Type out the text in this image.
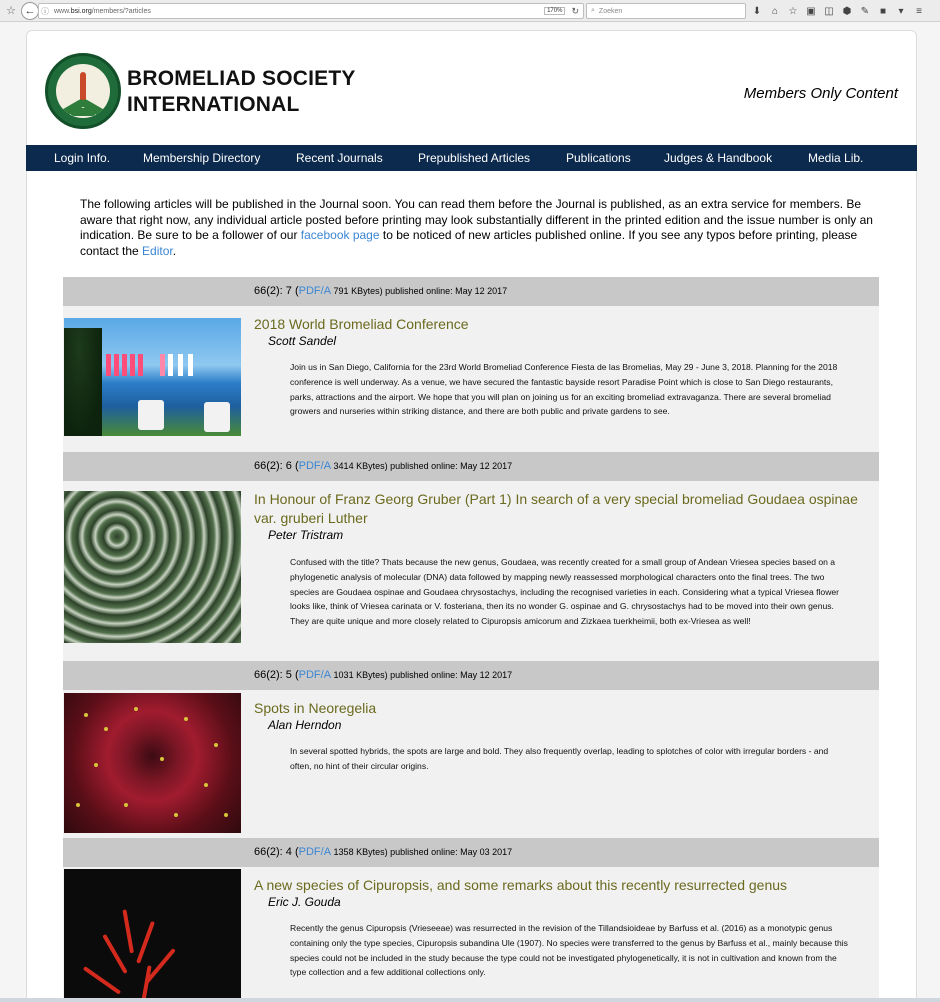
☆ ← ⓘ www.bsi.org/members/?articles	170%	↻ ⌕ Zoeken	⬇	⌂	☆ ▣ ◫ ⬢ ✎	■	▾	≡
BROMELIAD SOCIETY
INTERNATIONAL	Members Only Content
Login Info.	Membership Directory	Recent Journals	Prepublished Articles	Publications	Judges & Handbook	Media Lib.
The following articles will be published in the Journal soon. You can read them before the Journal is published, as an extra service for members. Be aware that right now, any individual article posted before printing may look substantially different in the printed edition and the issue number is only an indication. Be sure to be a follower of our facebook page to be noticed of new articles published online. If you see any typos before printing, please contact the Editor.
66(2): 7 (PDF/A 791 KBytes) published online: May 12 2017
2018 World Bromeliad Conference
Scott Sandel
Join us in San Diego, California for the 23rd World Bromeliad Conference Fiesta de las Bromelias, May 29 - June 3, 2018. Planning for the 2018 conference is well underway. As a venue, we have secured the fantastic bayside resort Paradise Point which is close to San Diego restaurants, parks, attractions and the airport. We hope that you will plan on joining us for an exciting bromeliad extravaganza. There are several bromeliad growers and nurseries within striking distance, and there are both public and private gardens to see.
66(2): 6 (PDF/A 3414 KBytes) published online: May 12 2017
In Honour of Franz Georg Gruber (Part 1) In search of a very special bromeliad Goudaea ospinae var. gruberi Luther
Peter Tristram
Confused with the title? Thats because the new genus, Goudaea, was recently created for a small group of Andean Vriesea species based on a phylogenetic analysis of molecular (DNA) data followed by mapping newly reassessed morphological characters onto the final trees. The two species are Goudaea ospinae and Goudaea chrysostachys, including the recognised varieties in each. Considering what a typical Vriesea flower looks like, think of Vriesea carinata or V. fosteriana, then its no wonder G. ospinae and G. chrysostachys had to be moved into their own genus. They are quite unique and more closely related to Cipuropsis amicorum and Zizkaea tuerkheimii, both ex-Vriesea as well!
66(2): 5 (PDF/A 1031 KBytes) published online: May 12 2017
Spots in Neoregelia
Alan Herndon
In several spotted hybrids, the spots are large and bold. They also frequently overlap, leading to splotches of color with irregular borders - and often, no hint of their circular origins.
66(2): 4 (PDF/A 1358 KBytes) published online: May 03 2017
A new species of Cipuropsis, and some remarks about this recently resurrected genus
Eric J. Gouda
Recently the genus Cipuropsis (Vrieseeae) was resurrected in the revision of the Tillandsioideae by Barfuss et al. (2016) as a monotypic genus containing only the type species, Cipuropsis subandina Ule (1907). No species were transferred to the genus by Barfuss et al., mainly because this species could not be included in the study because the type could not be investigated phylogenetically, it is not in cultivation and known from the type collection and a few additional collections only.
